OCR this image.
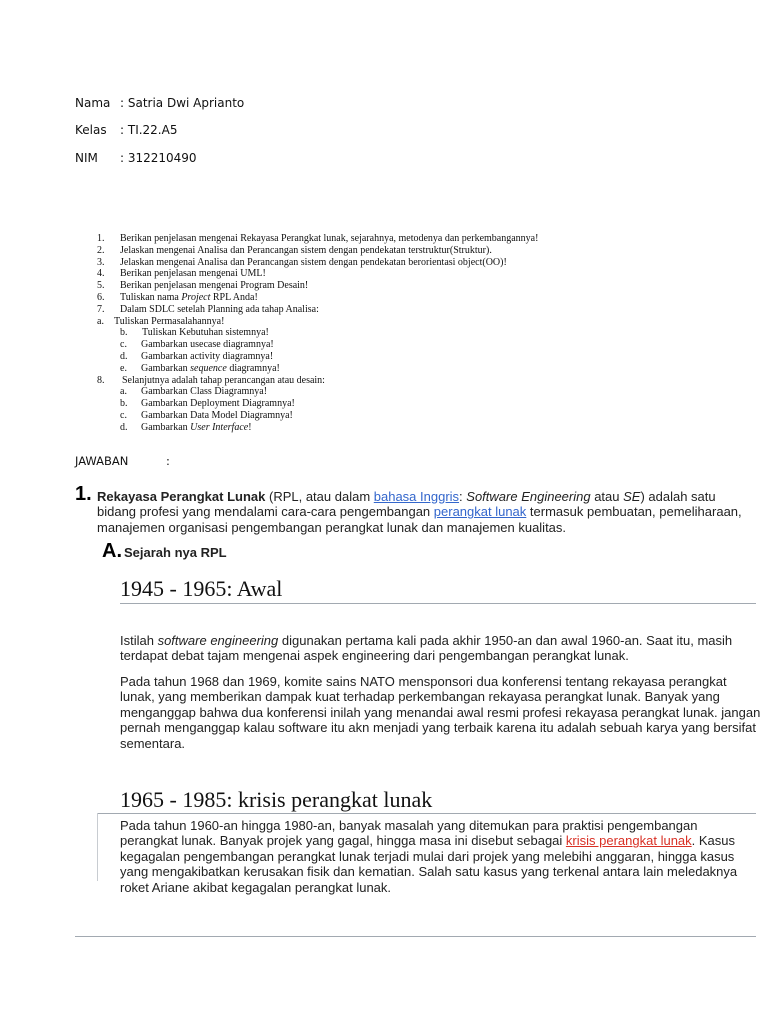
Nama : Satria Dwi Aprianto
Kelas : TI.22.A5
NIM : 312210490
1. Berikan penjelasan mengenai Rekayasa Perangkat lunak, sejarahnya, metodenya dan perkembangannya!
2. Jelaskan mengenai Analisa dan Perancangan sistem dengan pendekatan terstruktur(Struktur).
3. Jelaskan mengenai Analisa dan Perancangan sistem dengan pendekatan berorientasi object(OO)!
4. Berikan penjelasan mengenai UML!
5. Berikan penjelasan mengenai Program Desain!
6. Tuliskan nama Project RPL Anda!
7. Dalam SDLC setelah Planning ada tahap Analisa:
a. Tuliskan Permasalahannya!
b. Tuliskan Kebutuhan sistemnya!
c. Gambarkan usecase diagramnya!
d. Gambarkan activity diagramnya!
e. Gambarkan sequence diagramnya!
8. Selanjutnya adalah tahap perancangan atau desain:
a. Gambarkan Class Diagramnya!
b. Gambarkan Deployment Diagramnya!
c. Gambarkan Data Model Diagramnya!
d. Gambarkan User Interface!
JAWABAN	:
1. Rekayasa Perangkat Lunak (RPL, atau dalam bahasa Inggris: Software Engineering atau SE) adalah satu bidang profesi yang mendalami cara-cara pengembangan perangkat lunak termasuk pembuatan, pemeliharaan, manajemen organisasi pengembangan perangkat lunak dan manajemen kualitas.
A. Sejarah nya RPL
1945 - 1965: Awal
Istilah software engineering digunakan pertama kali pada akhir 1950-an dan awal 1960-an. Saat itu, masih terdapat debat tajam mengenai aspek engineering dari pengembangan perangkat lunak.
Pada tahun 1968 dan 1969, komite sains NATO mensponsori dua konferensi tentang rekayasa perangkat lunak, yang memberikan dampak kuat terhadap perkembangan rekayasa perangkat lunak. Banyak yang menganggap bahwa dua konferensi inilah yang menandai awal resmi profesi rekayasa perangkat lunak. jangan pernah menganggap kalau software itu akn menjadi yang terbaik karena itu adalah sebuah karya yang bersifat sementara.
1965 - 1985: krisis perangkat lunak
Pada tahun 1960-an hingga 1980-an, banyak masalah yang ditemukan para praktisi pengembangan perangkat lunak. Banyak projek yang gagal, hingga masa ini disebut sebagai krisis perangkat lunak. Kasus kegagalan pengembangan perangkat lunak terjadi mulai dari projek yang melebihi anggaran, hingga kasus yang mengakibatkan kerusakan fisik dan kematian. Salah satu kasus yang terkenal antara lain meledaknya roket Ariane akibat kegagalan perangkat lunak.
